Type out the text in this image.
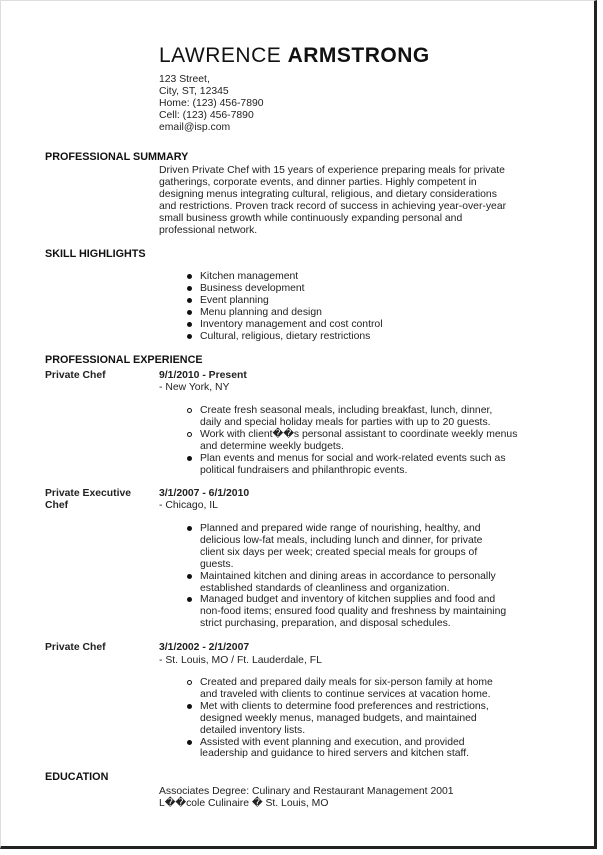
LAWRENCE ARMSTRONG
123 Street,
City, ST, 12345
Home: (123) 456-7890
Cell: (123) 456-7890
email@isp.com
PROFESSIONAL SUMMARY
Driven Private Chef with 15 years of experience preparing meals for private
gatherings, corporate events, and dinner parties. Highly competent in
designing menus integrating cultural, religious, and dietary considerations
and restrictions. Proven track record of success in achieving year-over-year
small business growth while continuously expanding personal and
professional network.
SKILL HIGHLIGHTS
Kitchen management
Business development
Event planning
Menu planning and design
Inventory management and cost control
Cultural, religious, dietary restrictions
PROFESSIONAL EXPERIENCE
Private Chef	9/1/2010 - Present
- New York, NY
Create fresh seasonal meals, including breakfast, lunch, dinner,
daily and special holiday meals for parties with up to 20 guests.
Work with client��s personal assistant to coordinate weekly menus
and determine weekly budgets.
Plan events and menus for social and work-related events such as
political fundraisers and philanthropic events.
Private Executive Chef
3/1/2007 - 6/1/2010
- Chicago, IL
Planned and prepared wide range of nourishing, healthy, and
delicious low-fat meals, including lunch and dinner, for private
client six days per week; created special meals for groups of
guests.
Maintained kitchen and dining areas in accordance to personally
established standards of cleanliness and organization.
Managed budget and inventory of kitchen supplies and food and
non-food items; ensured food quality and freshness by maintaining
strict purchasing, preparation, and disposal schedules.
Private Chef	3/1/2002 - 2/1/2007
- St. Louis, MO / Ft. Lauderdale, FL
Created and prepared daily meals for six-person family at home
and traveled with clients to continue services at vacation home.
Met with clients to determine food preferences and restrictions,
designed weekly menus, managed budgets, and maintained
detailed inventory lists.
Assisted with event planning and execution, and provided
leadership and guidance to hired servers and kitchen staff.
EDUCATION
Associates Degree: Culinary and Restaurant Management 2001
L��cole Culinaire � St. Louis, MO
